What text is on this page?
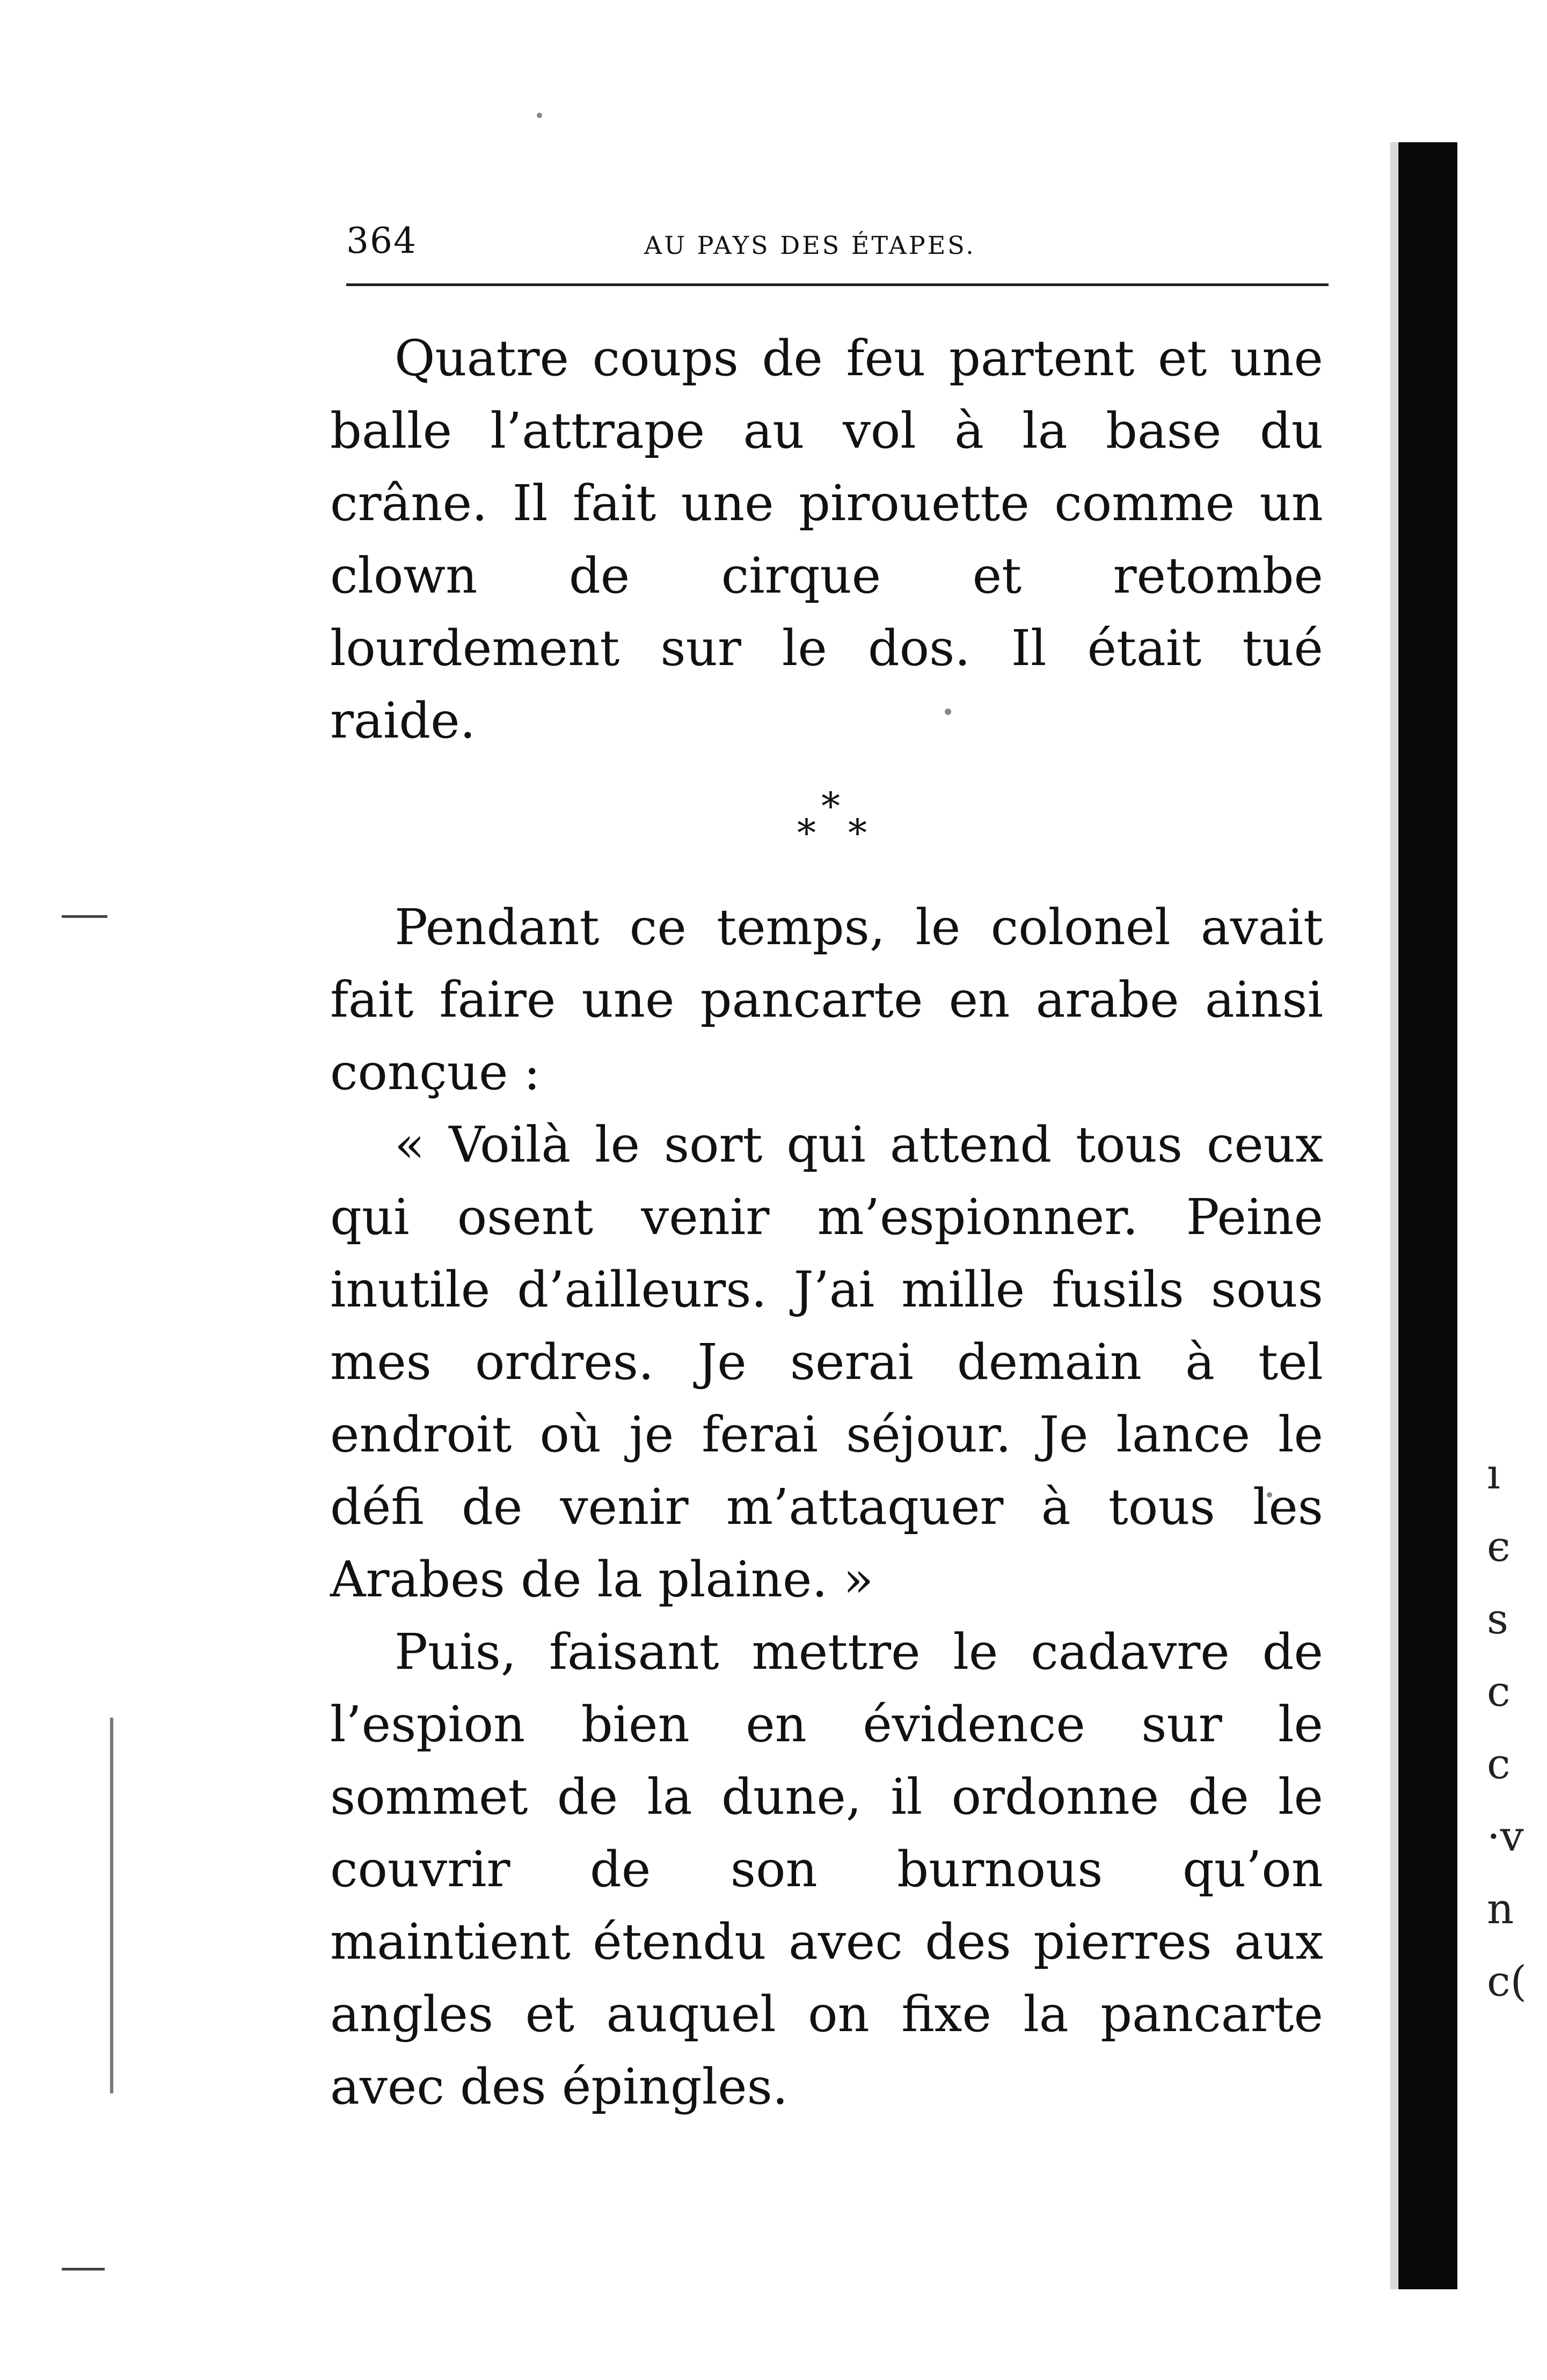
364	AU PAYS DES ÉTAPES.

Quatre coups de feu partent et une balle l’attrape au vol à la base du crâne. Il fait une pirouette comme un clown de cirque et retombe lourdement sur le dos. Il était tué raide.

*
* *

Pendant ce temps, le colonel avait fait faire une pancarte en arabe ainsi conçue :

« Voilà le sort qui attend tous ceux qui osent venir m’espionner. Peine inutile d’ailleurs. J’ai mille fusils sous mes ordres. Je serai demain à tel endroit où je ferai séjour. Je lance le défi de venir m’attaquer à tous les Arabes de la plaine. »

Puis, faisant mettre le cadavre de l’espion bien en évidence sur le sommet de la dune, il ordonne de le couvrir de son burnous qu’on maintient étendu avec des pierres aux angles et auquel on fixe la pancarte avec des épingles.

ı
є
s
c
c
·v
n
c(
